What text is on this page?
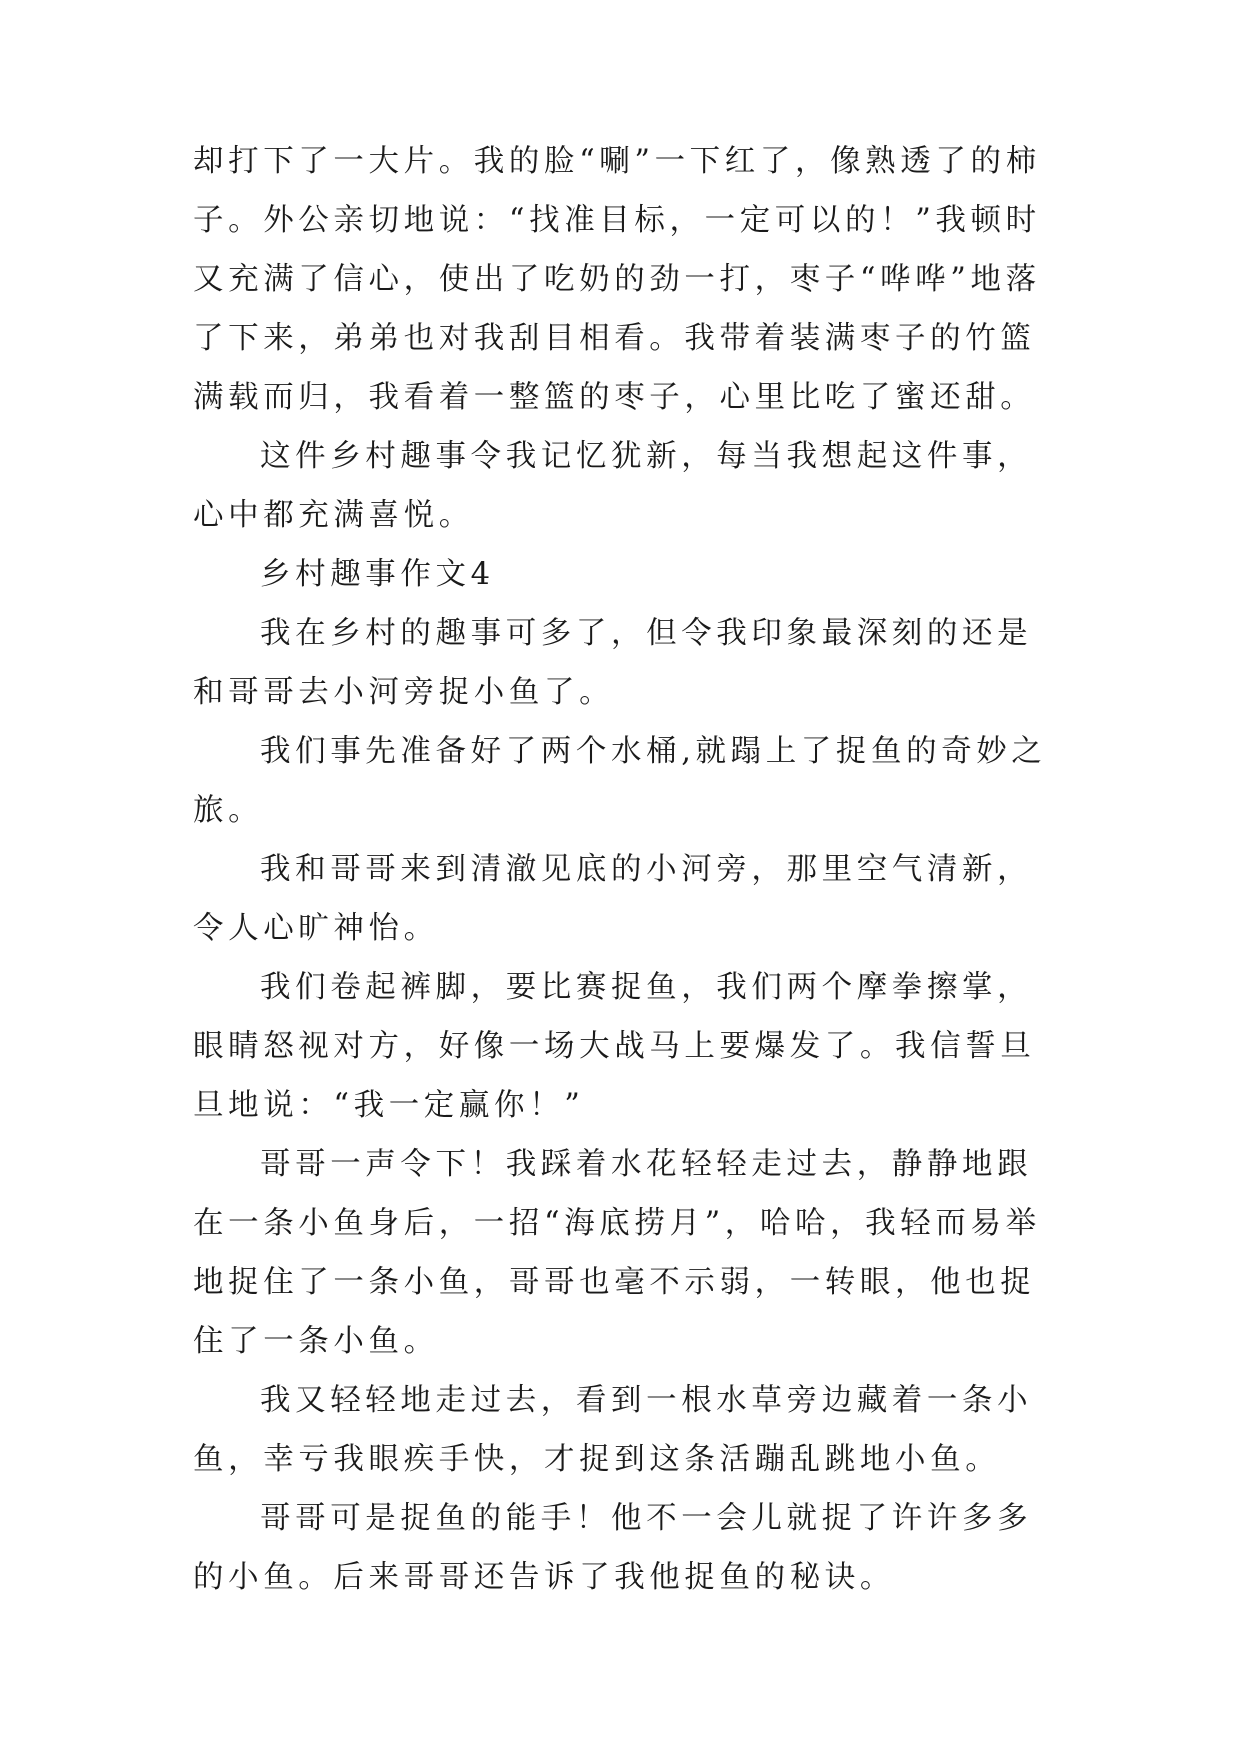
却打下了一大片。我的脸“唰”一下红了，像熟透了的柿子。外公亲切地说：“找准目标，一定可以的！”我顿时又充满了信心，使出了吃奶的劲一打，枣子“哗哗”地落了下来，弟弟也对我刮目相看。我带着装满枣子的竹篮满载而归，我看着一整篮的枣子，心里比吃了蜜还甜。

这件乡村趣事令我记忆犹新，每当我想起这件事，心中都充满喜悦。

乡村趣事作文4

我在乡村的趣事可多了，但令我印象最深刻的还是和哥哥去小河旁捉小鱼了。

我们事先准备好了两个水桶,就蹋上了捉鱼的奇妙之旅。

我和哥哥来到清澈见底的小河旁，那里空气清新，令人心旷神怡。

我们卷起裤脚，要比赛捉鱼，我们两个摩拳擦掌，眼睛怒视对方，好像一场大战马上要爆发了。我信誓旦旦地说：“我一定赢你！”

哥哥一声令下！我踩着水花轻轻走过去，静静地跟在一条小鱼身后，一招“海底捞月”，哈哈，我轻而易举地捉住了一条小鱼，哥哥也毫不示弱，一转眼，他也捉住了一条小鱼。

我又轻轻地走过去，看到一根水草旁边藏着一条小鱼，幸亏我眼疾手快，才捉到这条活蹦乱跳地小鱼。

哥哥可是捉鱼的能手！他不一会儿就捉了许许多多的小鱼。后来哥哥还告诉了我他捉鱼的秘诀。
